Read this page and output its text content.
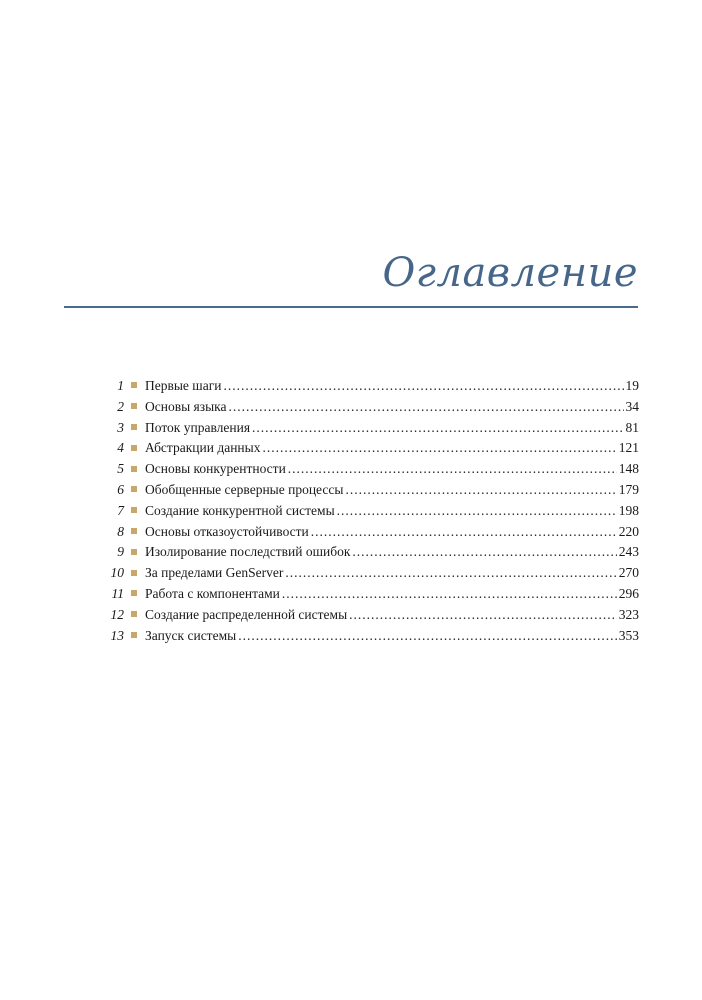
Оглавление
1 Первые шаги .....	19
2 Основы языка .....	34
3 Поток управления .....	81
4 Абстракции данных .....	121
5 Основы конкурентности .....	148
6 Обобщенные серверные процессы .....	179
7 Создание конкурентной системы .....	198
8 Основы отказоустойчивости .....	220
9 Изолирование последствий ошибок .....	243
10 За пределами GenServer .....	270
11 Работа с компонентами .....	296
12 Создание распределенной системы .....	323
13 Запуск системы .....	353
